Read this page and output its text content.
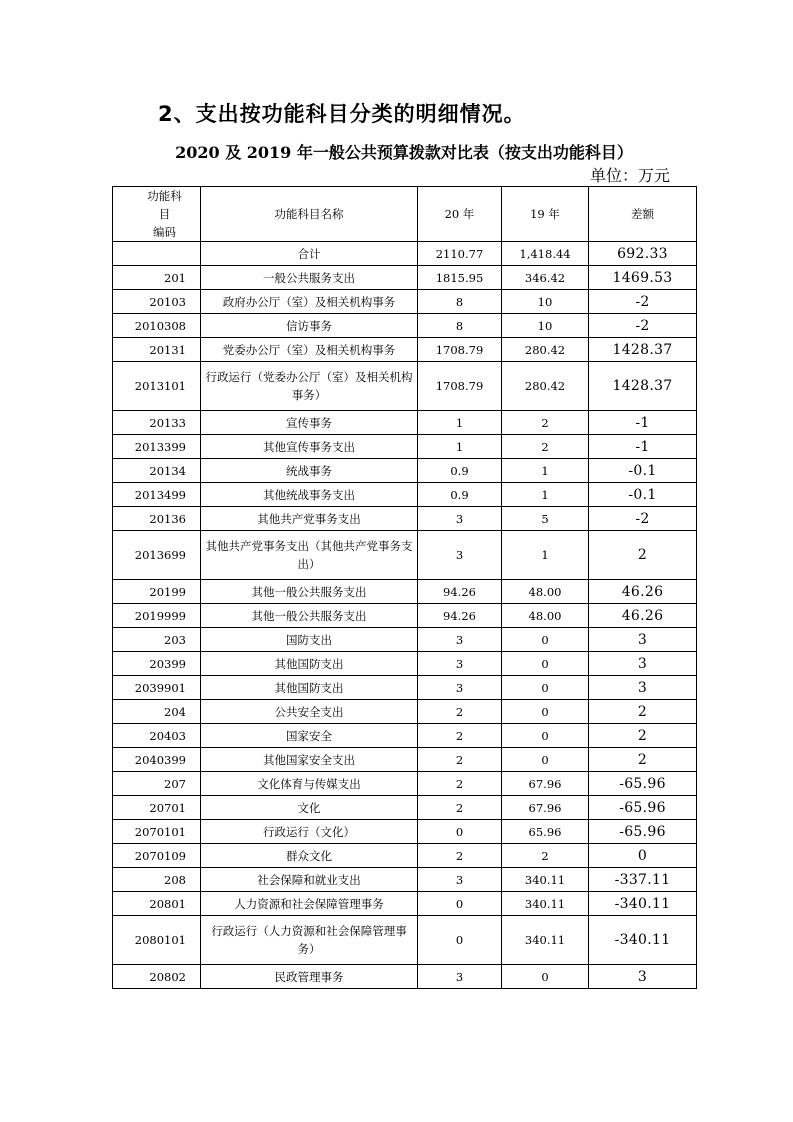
2、支出按功能科目分类的明细情况。
2020 及 2019 年一般公共预算拨款对比表（按支出功能科目）
单位：万元
功能科目
编码	功能科目名称	20 年	19 年	差额
	合计	2110.77	1,418.44	692.33
201	一般公共服务支出	1815.95	346.42	1469.53
20103	政府办公厅（室）及相关机构事务	8	10	-2
2010308	信访事务	8	10	-2
20131	党委办公厅（室）及相关机构事务	1708.79	280.42	1428.37
2013101	行政运行（党委办公厅（室）及相关机构事务）	1708.79	280.42	1428.37
20133	宣传事务	1	2	-1
2013399	其他宣传事务支出	1	2	-1
20134	统战事务	0.9	1	-0.1
2013499	其他统战事务支出	0.9	1	-0.1
20136	其他共产党事务支出	3	5	-2
2013699	其他共产党事务支出（其他共产党事务支出）	3	1	2
20199	其他一般公共服务支出	94.26	48.00	46.26
2019999	其他一般公共服务支出	94.26	48.00	46.26
203	国防支出	3	0	3
20399	其他国防支出	3	0	3
2039901	其他国防支出	3	0	3
204	公共安全支出	2	0	2
20403	国家安全	2	0	2
2040399	其他国家安全支出	2	0	2
207	文化体育与传媒支出	2	67.96	-65.96
20701	文化	2	67.96	-65.96
2070101	行政运行（文化）	0	65.96	-65.96
2070109	群众文化	2	2	0
208	社会保障和就业支出	3	340.11	-337.11
20801	人力资源和社会保障管理事务	0	340.11	-340.11
2080101	行政运行（人力资源和社会保障管理事务）	0	340.11	-340.11
20802	民政管理事务	3	0	3
